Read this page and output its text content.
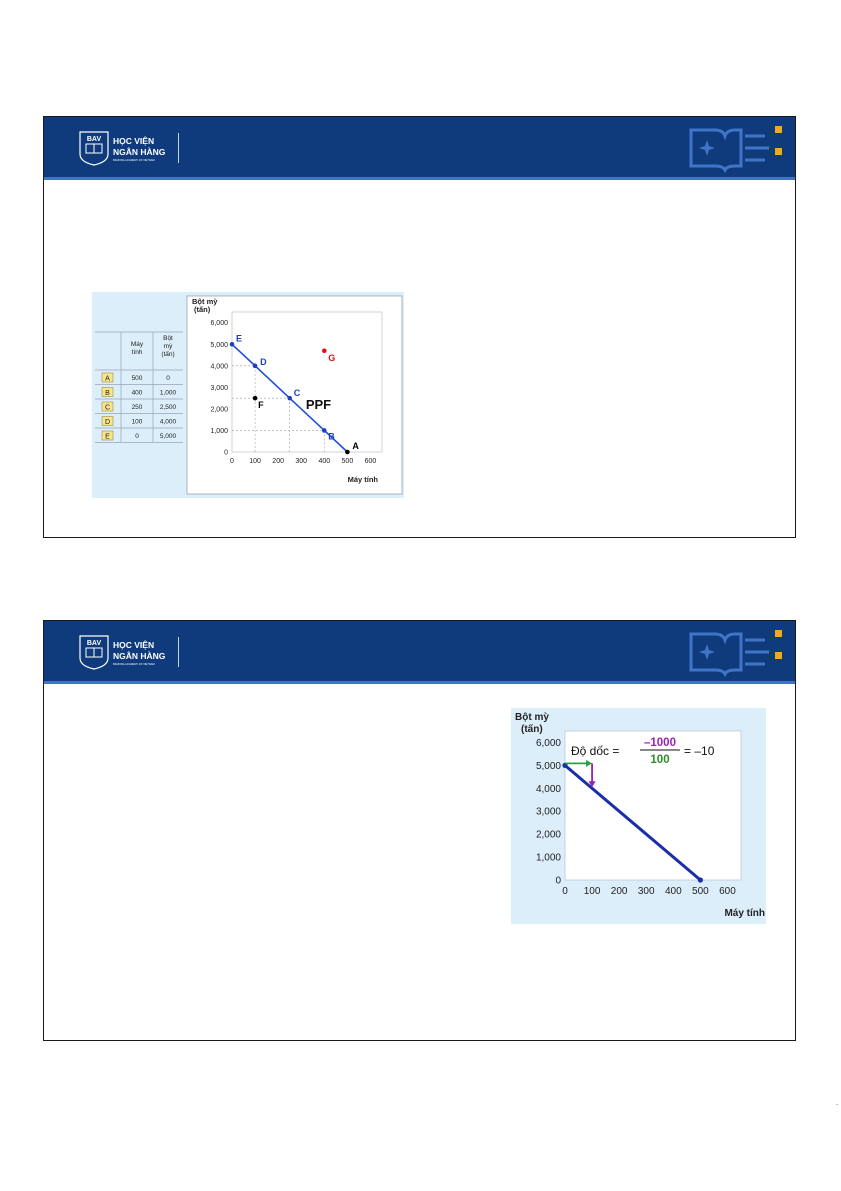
BAV HỌC VIỆN
NGÂN HÀNG
BANKING ACADEMY OF VIETNAM
Máy
tính
Bột
mỳ
(tấn)
A	500	0
B	400	1,000
C	250	2,500
D	100	4,000
E	0	5,000
0 100 200 300 400 500 600
0
1,000
2,000
3,000
4,000
5,000
6,000
Bột mỳ
(tấn)
Máy tính
PPF
E
D
C
B
A
F
G
BAV HỌC VIỆN
NGÂN HÀNG
BANKING ACADEMY OF VIETNAM
0 100 200 300 400 500 600
0
1,000
2,000
3,000
4,000
5,000
6,000
Bột mỳ
(tấn)
Máy tính
Độ dốc =
–1000
100
= –10
.
